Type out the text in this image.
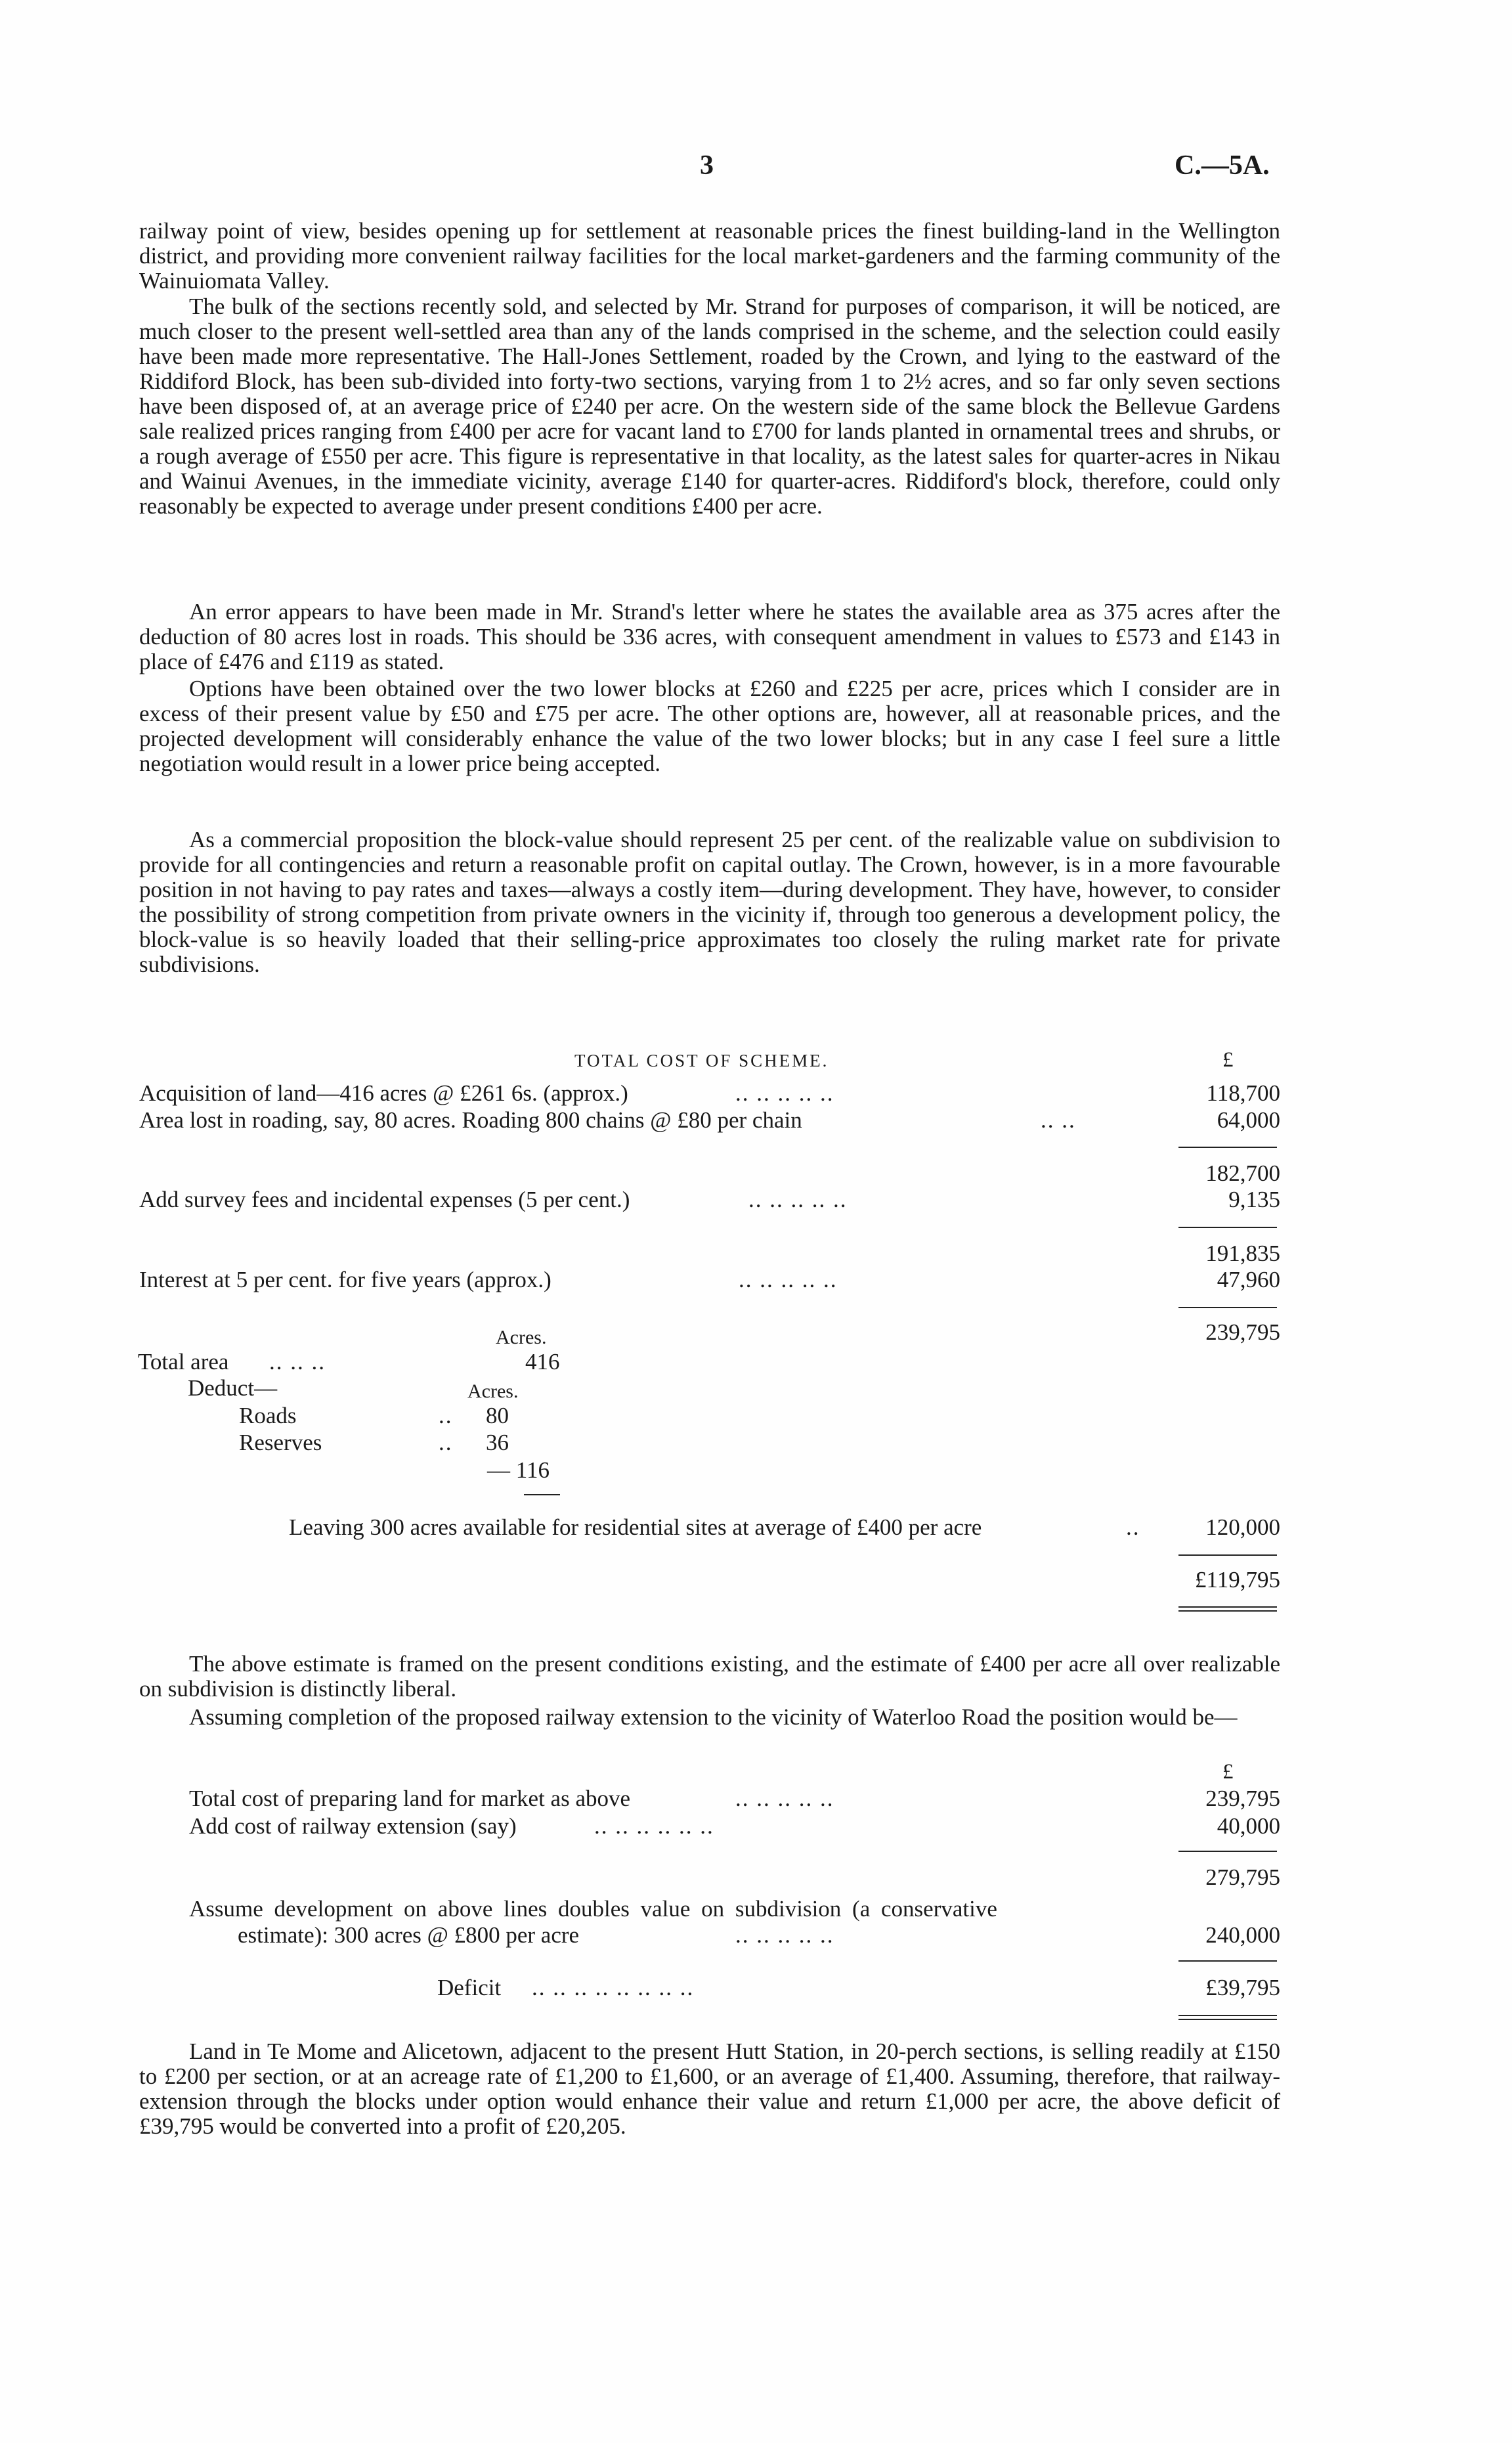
3	C.—5A.
railway point of view, besides opening up for settlement at reasonable prices the finest building-land in the Wellington district, and providing more convenient railway facilities for the local market-gardeners and the farming community of the Wainuiomata Valley.
The bulk of the sections recently sold, and selected by Mr. Strand for purposes of comparison, it will be noticed, are much closer to the present well-settled area than any of the lands comprised in the scheme, and the selection could easily have been made more representative. The Hall-Jones Settlement, roaded by the Crown, and lying to the eastward of the Riddiford Block, has been sub-divided into forty-two sections, varying from 1 to 2½ acres, and so far only seven sections have been disposed of, at an average price of £240 per acre. On the western side of the same block the Bellevue Gardens sale realized prices ranging from £400 per acre for vacant land to £700 for lands planted in ornamental trees and shrubs, or a rough average of £550 per acre. This figure is representative in that locality, as the latest sales for quarter-acres in Nikau and Wainui Avenues, in the immediate vicinity, average £140 for quarter-acres. Riddiford's block, therefore, could only reasonably be expected to average under present conditions £400 per acre.
An error appears to have been made in Mr. Strand's letter where he states the available area as 375 acres after the deduction of 80 acres lost in roads. This should be 336 acres, with consequent amendment in values to £573 and £143 in place of £476 and £119 as stated.
Options have been obtained over the two lower blocks at £260 and £225 per acre, prices which I consider are in excess of their present value by £50 and £75 per acre. The other options are, however, all at reasonable prices, and the projected development will considerably enhance the value of the two lower blocks; but in any case I feel sure a little negotiation would result in a lower price being accepted.
As a commercial proposition the block-value should represent 25 per cent. of the realizable value on subdivision to provide for all contingencies and return a reasonable profit on capital outlay. The Crown, however, is in a more favourable position in not having to pay rates and taxes—always a costly item—during development. They have, however, to consider the possibility of strong competition from private owners in the vicinity if, through too generous a development policy, the block-value is so heavily loaded that their selling-price approximates too closely the ruling market rate for private subdivisions.
TOTAL COST OF SCHEME.	£
Acquisition of land—416 acres @ £261 6s. (approx.)	.. .. .. .. ..	118,700
Area lost in roading, say, 80 acres. Roading 800 chains @ £80 per chain	.. ..	64,000
182,700
Add survey fees and incidental expenses (5 per cent.)	.. .. .. .. ..	9,135
191,835
Interest at 5 per cent. for five years (approx.)	.. .. .. .. ..	47,960
239,795
Acres.
Total area .. .. ..	416
Deduct—	Acres.
Roads	.. 80
Reserves	.. 36
— 116
Leaving 300 acres available for residential sites at average of £400 per acre	..	120,000
£119,795
The above estimate is framed on the present conditions existing, and the estimate of £400 per acre all over realizable on subdivision is distinctly liberal.
Assuming completion of the proposed railway extension to the vicinity of Waterloo Road the position would be—
£
Total cost of preparing land for market as above	.. .. .. .. ..	239,795
Add cost of railway extension (say)	.. .. .. .. .. ..	40,000
279,795
Assume development on above lines doubles value on subdivision (a conservative
estimate): 300 acres @ £800 per acre	.. .. .. .. ..	240,000
Deficit .. .. .. .. .. .. .. ..	£39,795
Land in Te Mome and Alicetown, adjacent to the present Hutt Station, in 20-perch sections, is selling readily at £150 to £200 per section, or at an acreage rate of £1,200 to £1,600, or an average of £1,400. Assuming, therefore, that railway-extension through the blocks under option would enhance their value and return £1,000 per acre, the above deficit of £39,795 would be converted into a profit of £20,205.
